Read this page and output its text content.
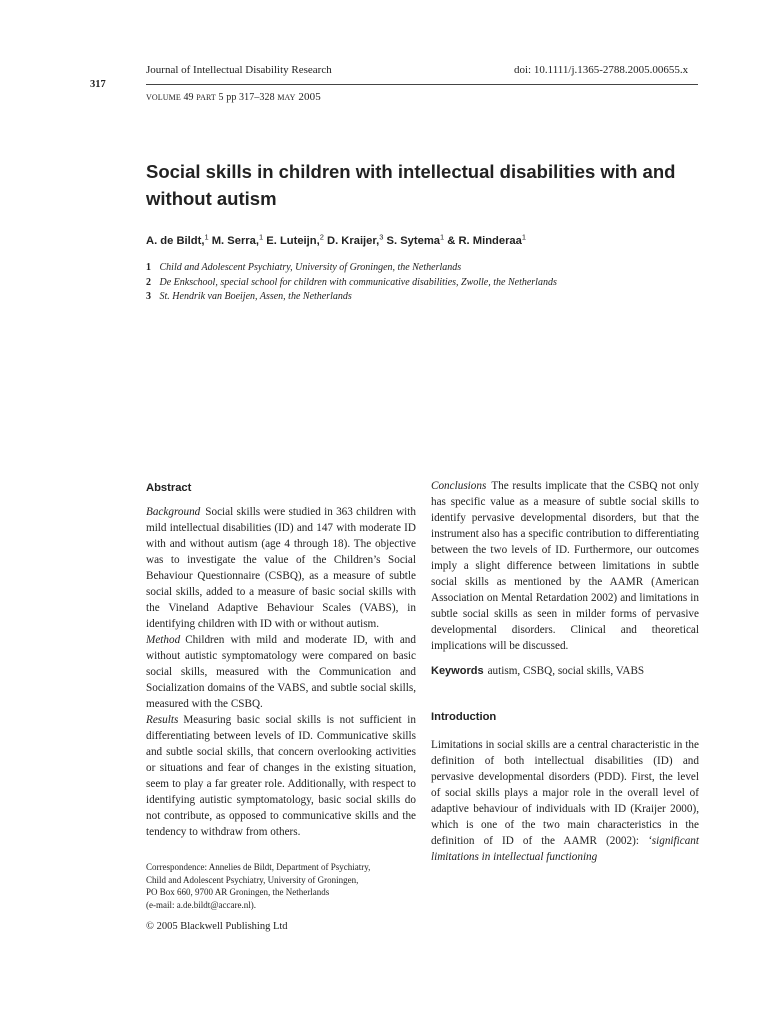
317
Journal of Intellectual Disability Research	doi: 10.1111/j.1365-2788.2005.00655.x
volume 49 part 5 pp 317–328 may 2005
Social skills in children with intellectual disabilities with and without autism
A. de Bildt,$^1$ M. Serra,$^1$ E. Luteijn,$^2$ D. Kraijer,$^3$ S. Sytema$^1$ & R. Minderaa$^1$
1 Child and Adolescent Psychiatry, University of Groningen, the Netherlands
2 De Enkschool, special school for children with communicative disabilities, Zwolle, the Netherlands
3 St. Hendrik van Boeijen, Assen, the Netherlands
Abstract

Background Social skills were studied in 363 children with mild intellectual disabilities (ID) and 147 with moderate ID with and without autism (age 4 through 18). The objective was to investigate the value of the Children’s Social Behaviour Questionnaire (CSBQ), as a measure of subtle social skills, added to a measure of basic social skills with the Vineland Adaptive Behaviour Scales (VABS), in identifying children with ID with or without autism.

Method Children with mild and moderate ID, with and without autistic symptomatology were compared on basic social skills, measured with the Communication and Socialization domains of the VABS, and subtle social skills, measured with the CSBQ.

Results Measuring basic social skills is not sufficient in differentiating between levels of ID. Communicative skills and subtle social skills, that concern overlooking activities or situations and fear of changes in the existing situation, seem to play a far greater role. Additionally, with respect to identifying autistic symptomatology, basic social skills do not contribute, as opposed to communicative skills and the tendency to withdraw from others.

Conclusions The results implicate that the CSBQ not only has specific value as a measure of subtle social skills to identify pervasive developmental disorders, but that the instrument also has a specific contribution to differentiating between the two levels of ID. Furthermore, our outcomes imply a slight difference between limitations in subtle social skills as mentioned by the AAMR (American Association on Mental Retardation 2002) and limitations in subtle social skills as seen in milder forms of pervasive developmental disorders. Clinical and theoretical implications will be discussed.

Keywords autism, CSBQ, social skills, VABS

Introduction

Limitations in social skills are a central characteristic in the definition of both intellectual disabilities (ID) and pervasive developmental disorders (PDD). First, the level of social skills plays a major role in the overall level of adaptive behaviour of individuals with ID (Kraijer 2000), which is one of the two main characteristics in the definition of ID of the AAMR (2002): ‘significant limitations in intellectual functioning

Correspondence: Annelies de Bildt, Department of Psychiatry,
Child and Adolescent Psychiatry, University of Groningen,
PO Box 660, 9700 AR Groningen, the Netherlands
(e-mail: a.de.bildt@accare.nl).
© 2005 Blackwell Publishing Ltd
